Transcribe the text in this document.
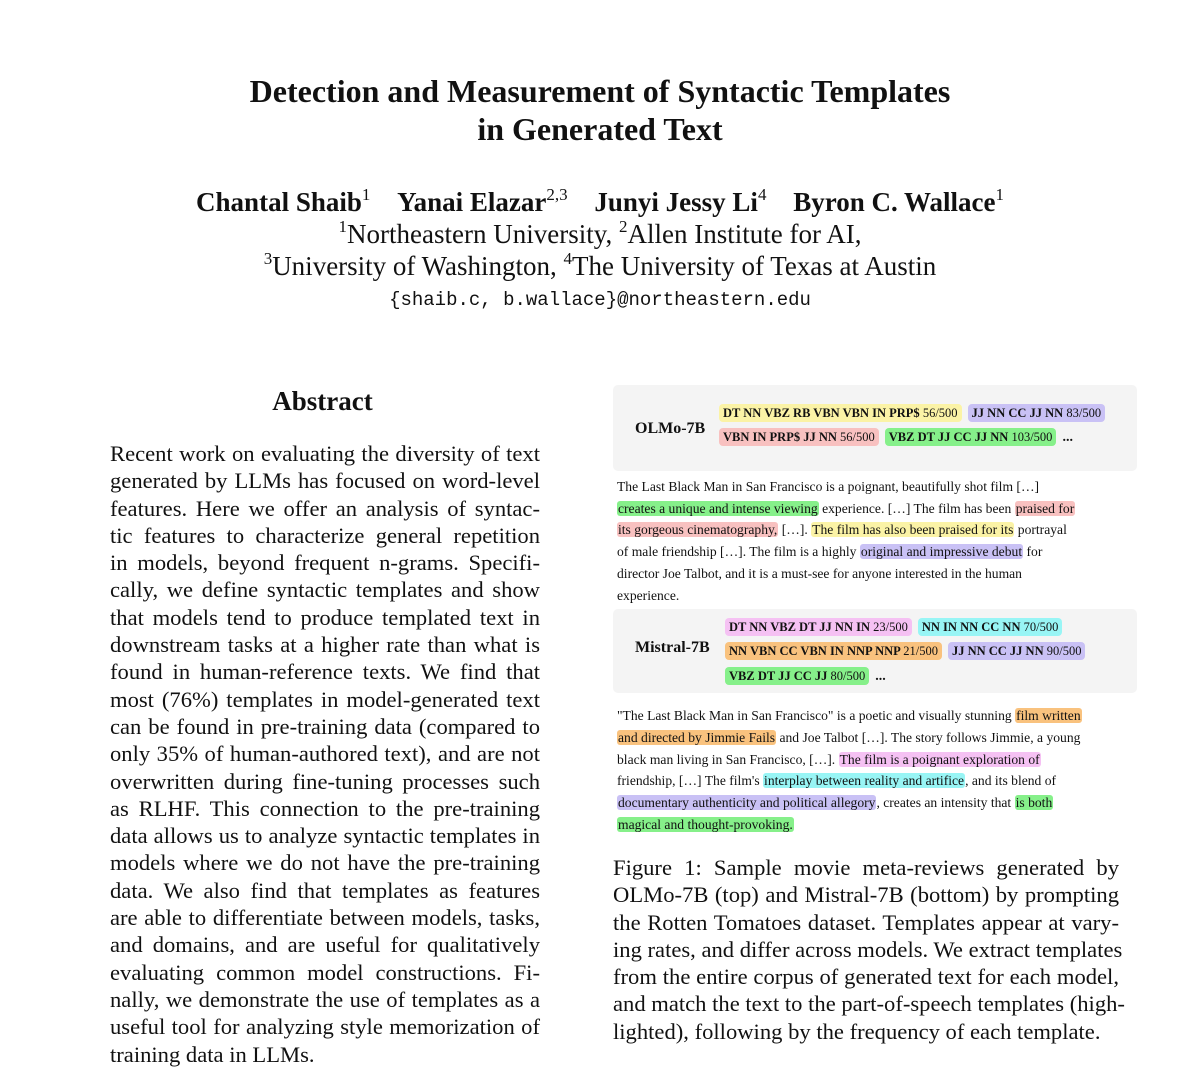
Detection and Measurement of Syntactic Templates
in Generated Text
Chantal Shaib$^1$ Yanai Elazar$^{2,3}$ Junyi Jessy Li$^4$ Byron C. Wallace$^1$
$^1$Northeastern University, $^2$Allen Institute for AI,
$^3$University of Washington, $^4$The University of Texas at Austin
{shaib.c, b.wallace}@northeastern.edu
Abstract
Recent work on evaluating the diversity of text
generated by LLMs has focused on word-level
features. Here we offer an analysis of syntac-
tic features to characterize general repetition
in models, beyond frequent n-grams. Specifi-
cally, we define syntactic templates and show
that models tend to produce templated text in
downstream tasks at a higher rate than what is
found in human-reference texts. We find that
most (76%) templates in model-generated text
can be found in pre-training data (compared to
only 35% of human-authored text), and are not
overwritten during fine-tuning processes such
as RLHF. This connection to the pre-training
data allows us to analyze syntactic templates in
models where we do not have the pre-training
data. We also find that templates as features
are able to differentiate between models, tasks,
and domains, and are useful for qualitatively
evaluating common model constructions. Fi-
nally, we demonstrate the use of templates as a
useful tool for analyzing style memorization of
training data in LLMs.
OLMo-7B
DT NN VBZ RB VBN VBN IN PRP$ 56/500 JJ NN CC JJ NN 83/500
VBN IN PRP$ JJ NN 56/500 VBZ DT JJ CC JJ NN 103/500 ...
The Last Black Man in San Francisco is a poignant, beautifully shot film […]
creates a unique and intense viewing experience. […] The film has been praised for
its gorgeous cinematography, […]. The film has also been praised for its portrayal
of male friendship […]. The film is a highly original and impressive debut for
director Joe Talbot, and it is a must-see for anyone interested in the human
experience.
Mistral-7B
DT NN VBZ DT JJ NN IN 23/500 NN IN NN CC NN 70/500
NN VBN CC VBN IN NNP NNP 21/500 JJ NN CC JJ NN 90/500
VBZ DT JJ CC JJ 80/500 ...
"The Last Black Man in San Francisco" is a poetic and visually stunning film written
and directed by Jimmie Fails and Joe Talbot […]. The story follows Jimmie, a young
black man living in San Francisco, […]. The film is a poignant exploration of
friendship, […] The film's interplay between reality and artifice, and its blend of
documentary authenticity and political allegory, creates an intensity that is both
magical and thought-provoking.
Figure 1: Sample movie meta-reviews generated by
OLMo-7B (top) and Mistral-7B (bottom) by prompting
the Rotten Tomatoes dataset. Templates appear at vary-
ing rates, and differ across models. We extract templates
from the entire corpus of generated text for each model,
and match the text to the part-of-speech templates (high-
lighted), following by the frequency of each template.
